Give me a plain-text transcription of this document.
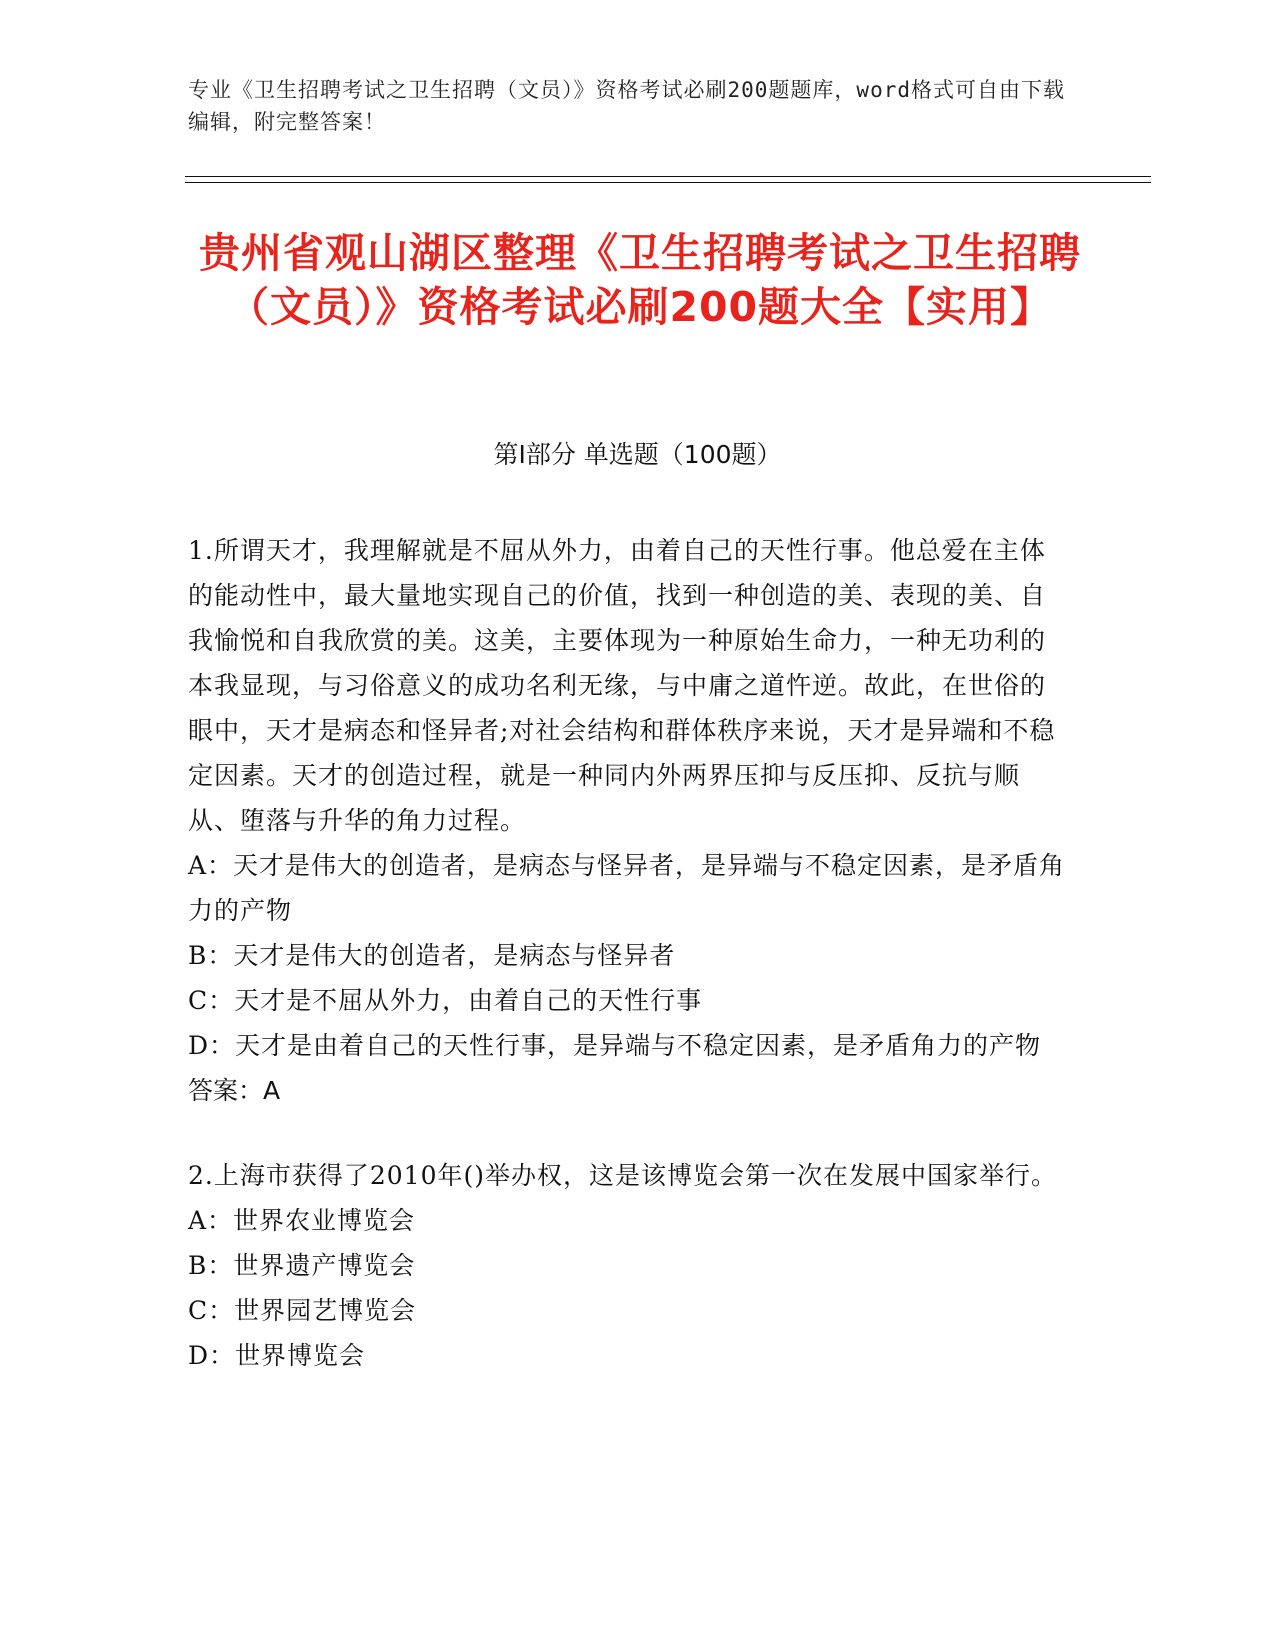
专业《卫生招聘考试之卫生招聘（文员）》资格考试必刷200题题库，word格式可自由下载编辑，附完整答案！
贵州省观山湖区整理《卫生招聘考试之卫生招聘（文员）》资格考试必刷200题大全【实用】
第I部分 单选题（100题）

1.所谓天才，我理解就是不屈从外力，由着自己的天性行事。他总爱在主体的能动性中，最大量地实现自己的价值，找到一种创造的美、表现的美、自我愉悦和自我欣赏的美。这美，主要体现为一种原始生命力，一种无功利的本我显现，与习俗意义的成功名利无缘，与中庸之道忤逆。故此，在世俗的眼中，天才是病态和怪异者;对社会结构和群体秩序来说，天才是异端和不稳定因素。天才的创造过程，就是一种同内外两界压抑与反压抑、反抗与顺从、堕落与升华的角力过程。

A：天才是伟大的创造者，是病态与怪异者，是异端与不稳定因素，是矛盾角力的产物

B：天才是伟大的创造者，是病态与怪异者

C：天才是不屈从外力，由着自己的天性行事

D：天才是由着自己的天性行事，是异端与不稳定因素，是矛盾角力的产物

答案：A

2.上海市获得了2010年()举办权，这是该博览会第一次在发展中国家举行。

A：世界农业博览会

B：世界遗产博览会

C：世界园艺博览会

D：世界博览会
